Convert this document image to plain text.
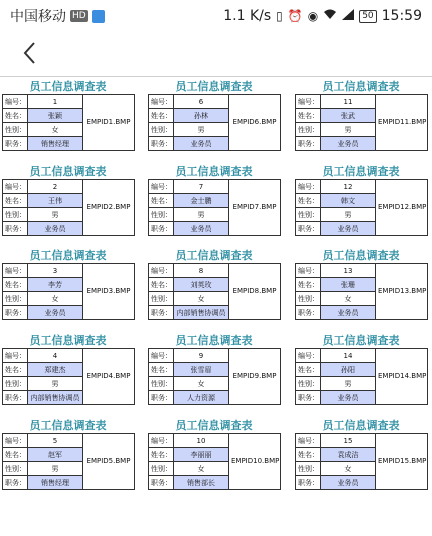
中国移动 HD	1.1 K/s ▯ ⏰ ◉	50 15:59
员工信息调查表
编号：	1	EMPID1.BMP
姓名：	张颖	
性别：	女	
职务：	销售经理	
员工信息调查表
编号：	2	EMPID2.BMP
姓名：	王伟	
性别：	男	
职务：	业务员	
员工信息调查表
编号：	3	EMPID3.BMP
姓名：	李芳	
性别：	女	
职务：	业务员	
员工信息调查表
编号：	4	EMPID4.BMP
姓名：	郑建杰	
性别：	男	
职务：	内部销售协调员	
员工信息调查表
编号：	5	EMPID5.BMP
姓名：	赵军	
性别：	男	
职务：	销售经理	
员工信息调查表
编号：	6	EMPID6.BMP
姓名：	孙林	
性别：	男	
职务：	业务员	
员工信息调查表
编号：	7	EMPID7.BMP
姓名：	金士鹏	
性别：	男	
职务：	业务员	
员工信息调查表
编号：	8	EMPID8.BMP
姓名：	刘英玫	
性别：	女	
职务：	内部销售协调员	
员工信息调查表
编号：	9	EMPID9.BMP
姓名：	张雪眉	
性别：	女	
职务：	人力资源	
员工信息调查表
编号：	10	EMPID10.BMP
姓名：	李丽丽	
性别：	女	
职务：	销售部长	
员工信息调查表
编号：	11	EMPID11.BMP
姓名：	张武	
性别：	男	
职务：	业务员	
员工信息调查表
编号：	12	EMPID12.BMP
姓名：	韩文	
性别：	男	
职务：	业务员	
员工信息调查表
编号：	13	EMPID13.BMP
姓名：	张珊	
性别：	女	
职务：	业务员	
员工信息调查表
编号：	14	EMPID14.BMP
姓名：	孙阳	
性别：	男	
职务：	业务员	
员工信息调查表
编号：	15	EMPID15.BMP
姓名：	袁成洁	
性别：	女	
职务：	业务员	
